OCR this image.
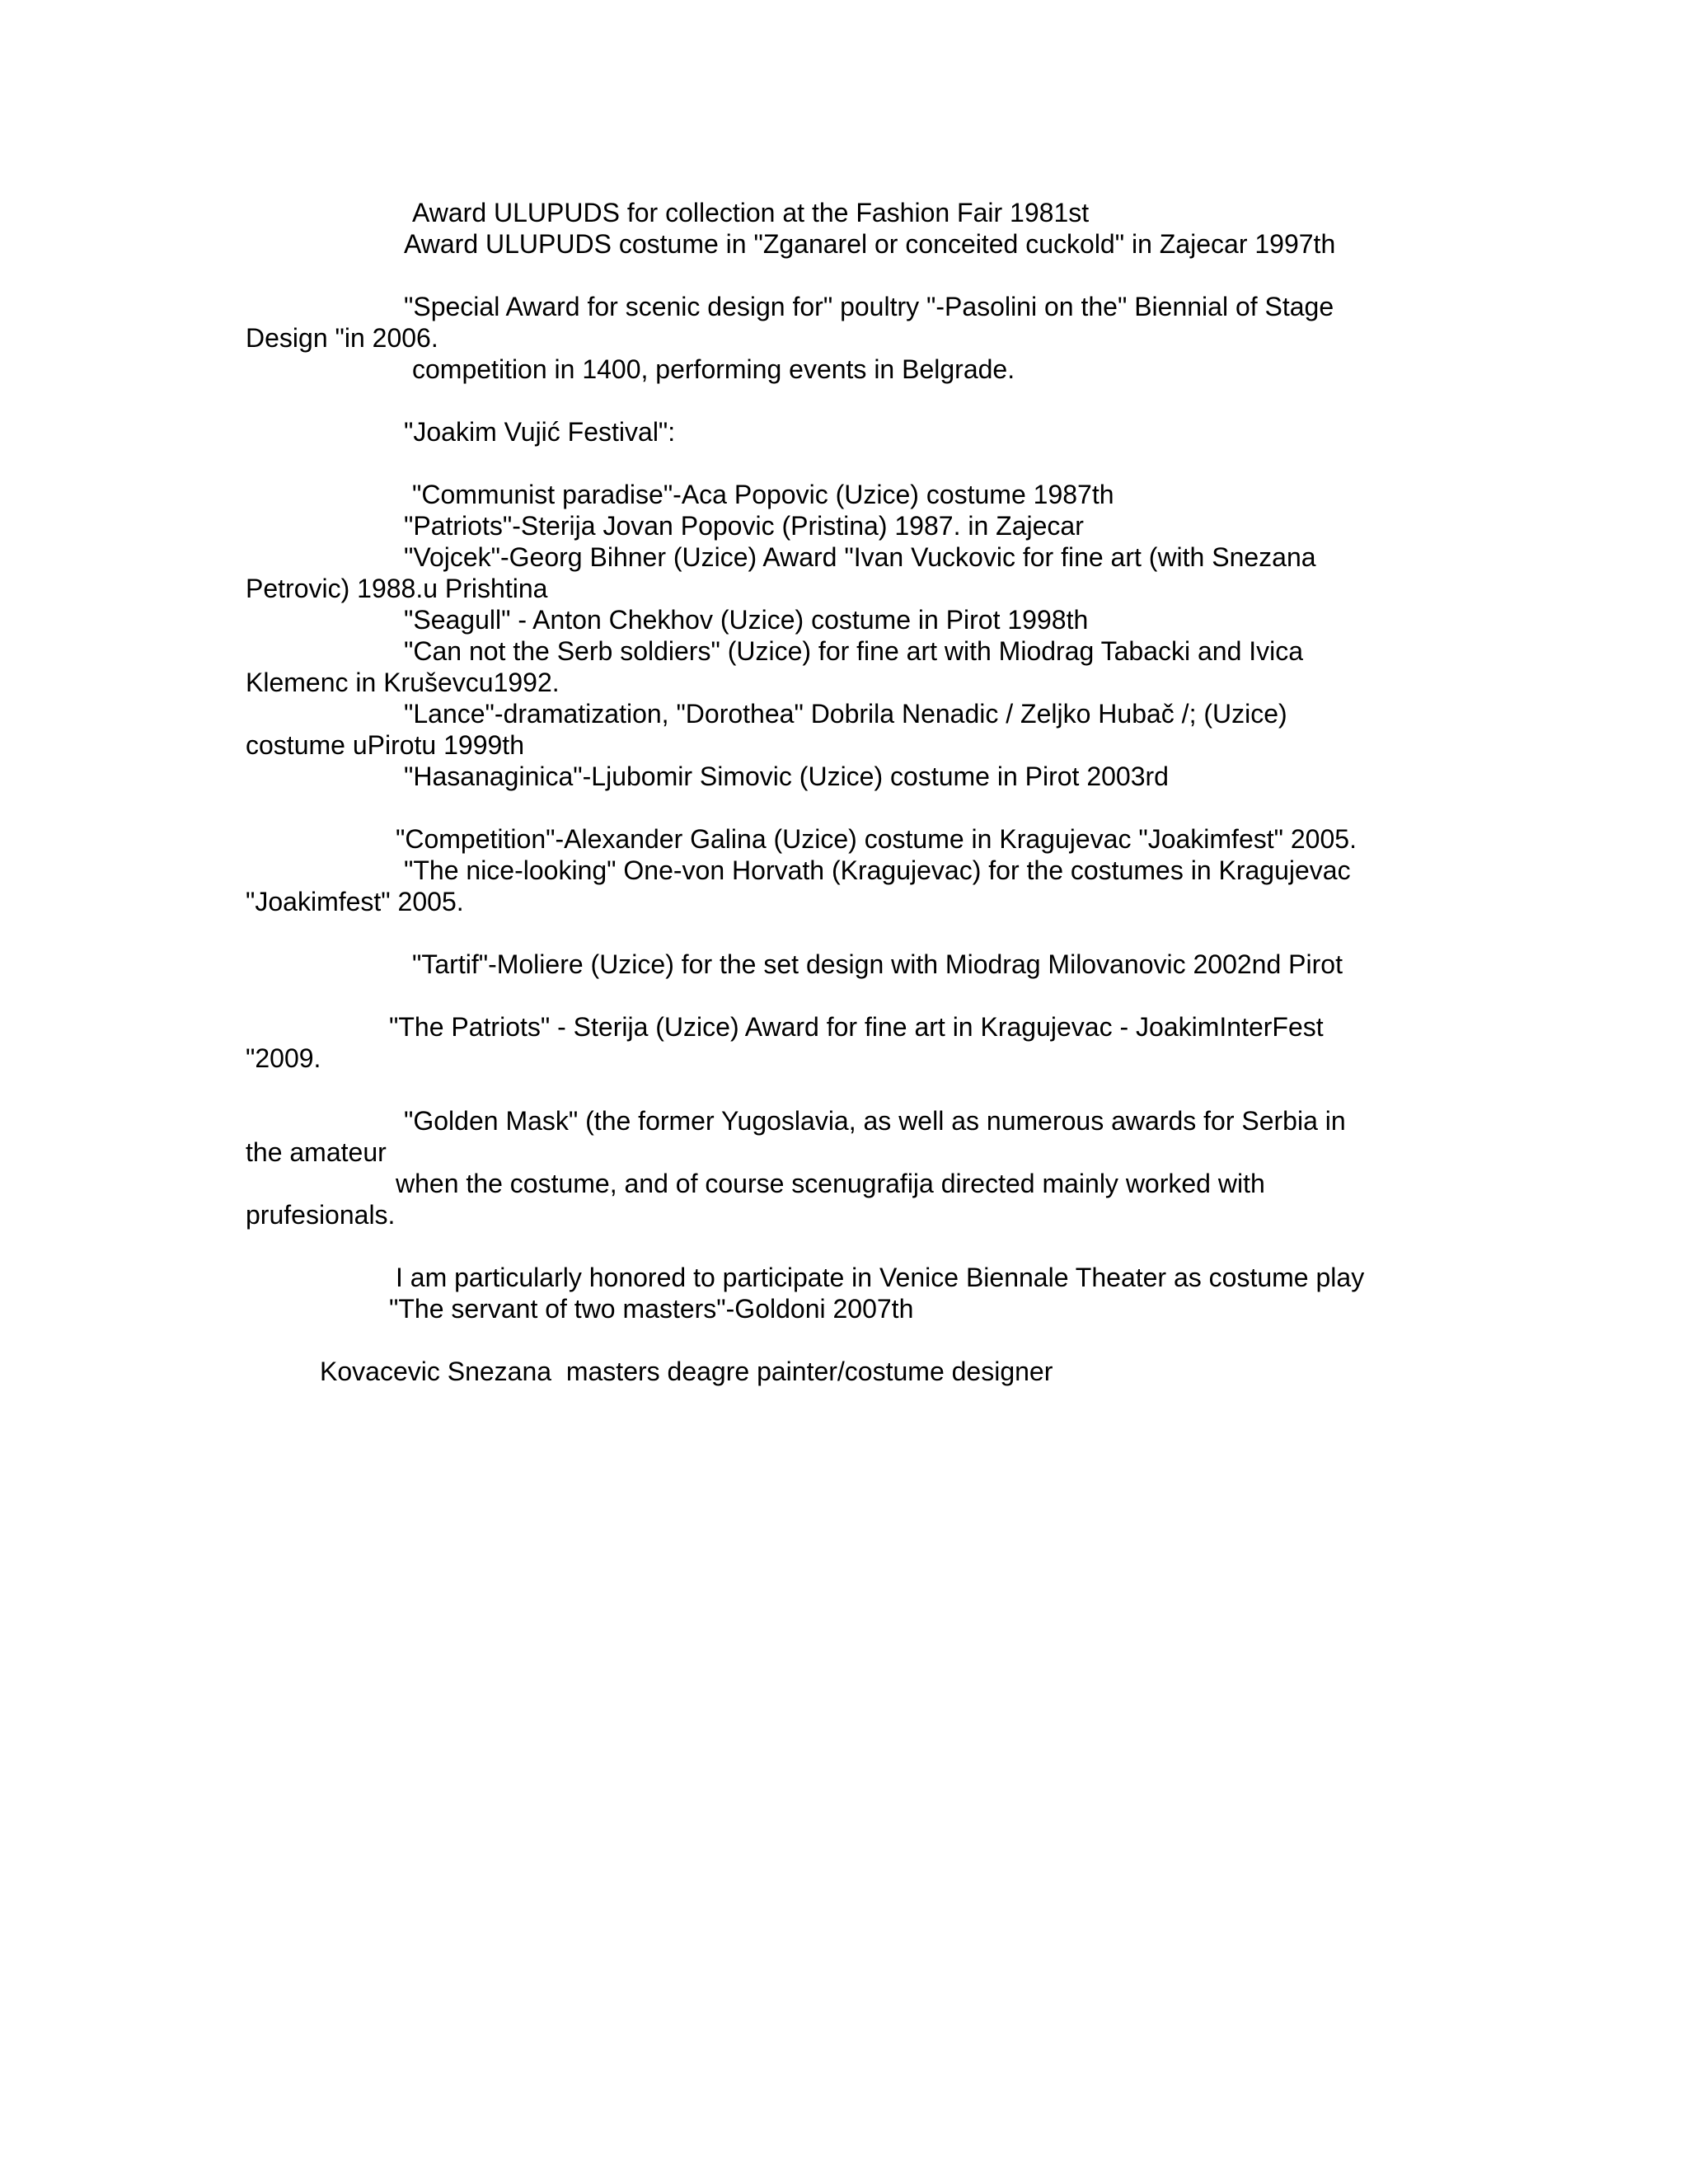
Award ULUPUDS for collection at the Fashion Fair 1981st

Award ULUPUDS costume in "Zganarel or conceited cuckold" in Zajecar 1997th

"Special Award for scenic design for" poultry "-Pasolini on the" Biennial of Stage

Design "in 2006.

competition in 1400, performing events in Belgrade.

"Joakim Vujić Festival":

"Communist paradise"-Aca Popovic (Uzice) costume 1987th

"Patriots"-Sterija Jovan Popovic (Pristina) 1987. in Zajecar

"Vojcek"-Georg Bihner (Uzice) Award "Ivan Vuckovic for fine art (with Snezana

Petrovic) 1988.u Prishtina

"Seagull" - Anton Chekhov (Uzice) costume in Pirot 1998th

"Can not the Serb soldiers" (Uzice) for fine art with Miodrag Tabacki and Ivica

Klemenc in Kruševcu1992.

"Lance"-dramatization, "Dorothea" Dobrila Nenadic / Zeljko Hubač /; (Uzice)

costume uPirotu 1999th

"Hasanaginica"-Ljubomir Simovic (Uzice) costume in Pirot 2003rd

"Competition"-Alexander Galina (Uzice) costume in Kragujevac "Joakimfest" 2005.

"The nice-looking" One-von Horvath (Kragujevac) for the costumes in Kragujevac

"Joakimfest" 2005.

"Tartif"-Moliere (Uzice) for the set design with Miodrag Milovanovic 2002nd Pirot

"The Patriots" - Sterija (Uzice) Award for fine art in Kragujevac - JoakimInterFest

"2009.

"Golden Mask" (the former Yugoslavia, as well as numerous awards for Serbia in

the amateur

when the costume, and of course scenugrafija directed mainly worked with

prufesionals.

I am particularly honored to participate in Venice Biennale Theater as costume play

"The servant of two masters"-Goldoni 2007th

Kovacevic Snezana  masters deagre painter/costume designer
